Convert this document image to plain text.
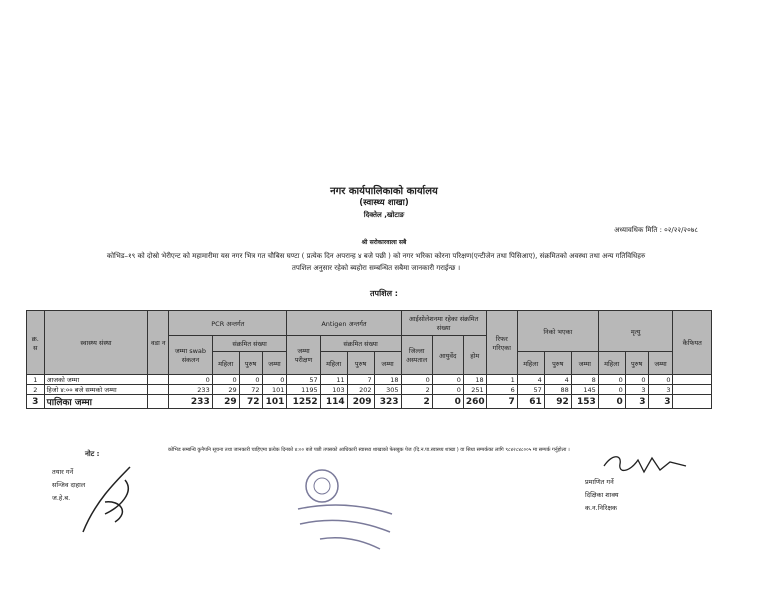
नगर कार्यपालिकाको कार्यालय
(स्वास्थ्य शाखा)
दिक्तेल ,खोटाङ
अध्यावधिक मिति : ०२/२२/२०७८
श्री सरोकारवाला सबै
कोभिड–१९ को दोस्रो भेरीएन्ट को महामारीमा यस नगर भित्र गत चौबिस घण्टा ( प्रत्येक दिन अपरान्ह ४ बजे पछी ) को नगर भरिका कोरना परिक्षण(एन्टीजेन तथा पिसिआए), संक्रमितको अवस्था तथा अन्य गतिविधिहरु
तपशिल अनुसार रहेको ब्यहोरा सम्बन्धित सबैमा जानकारी गराईन्छ ।
तपशिल :
क्र. स	स्वास्थ्य संस्था	वडा न	PCR अन्तर्गत				Antigen अन्तर्गत				आईसोलेशनमा रहेका संक्रमित संख्या			रिफर गरिएका	निको भएका			मृत्यु			कैफियत
			जम्मा swab संकलन	संक्रमित संख्या			जम्मा परीक्षण	संक्रमित संख्या			जिल्ला अस्पताल	आयुर्वेद	होम								
				महिला	पुरुष	जम्मा		महिला	पुरुष	जम्मा					महिला	पुरुष	जम्मा	महिला	पुरुष	जम्मा	
1	आजको जम्मा		0	0	0	0	57	11	7	18	0	0	18	1	4	4	8	0	0	0	
2	हिजो ४:०० बजे सम्मको जम्मा		233	29	72	101	1195	103	202	305	2	0	251	6	57	88	145	0	3	3	
3	पालिका जम्मा		233	29	72	101	1252	114	209	323	2	0	260	7	61	92	153	0	3	3	
नोट :	कोभिड सम्बन्धि कुनैपनि सूचना तथा जानकारी चाहिएमा प्रत्येक दिनको ४:०० बजे पछी तपसको आधिकारी स्वास्थ्य शाखाको फेसबुक पेज (दि.न.पा.स्वास्थ्य शाखा ) वा सिधा सम्पर्कका लागि ९८४२८४८००५ मा सम्पर्क गर्नुहोला ।
तयार गर्ने
सन्जिव दाहाल
ज.हे.ब.
प्रमाणित गर्ने
दिक्षिका शाक्य
क.न.निरिक्षक
